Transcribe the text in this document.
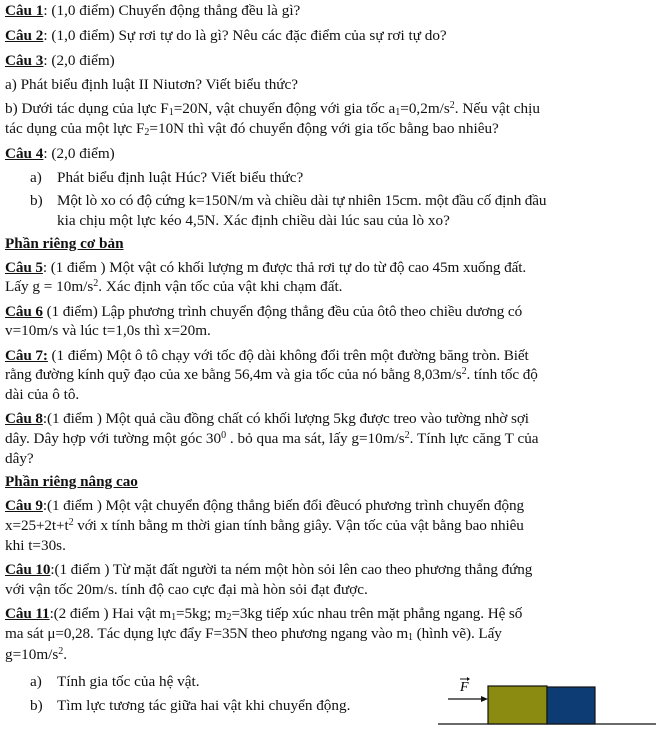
Câu 1: (1,0 điểm) Chuyển động thẳng đều là gì?
Câu 2: (1,0 điểm) Sự rơi tự do là gì? Nêu các đặc điểm của sự rơi tự do?
Câu 3: (2,0 điểm)
a) Phát biểu định luật II Niutơn? Viết biểu thức?
b) Dưới tác dụng của lực $F_1=20N$, vật chuyển động với gia tốc $a_1=0,2m/s^2$. Nếu vật chịu
tác dụng của một lực $F_2=10N$ thì vật đó chuyển động với gia tốc bằng bao nhiêu?
Câu 4: (2,0 điểm)
a) Phát biểu định luật Húc? Viết biểu thức?
b) Một lò xo có độ cứng k=150N/m và chiều dài tự nhiên 15cm. một đầu cố định đầu
kia chịu một lực kéo 4,5N. Xác định chiều dài lúc sau của lò xo?
Phần riêng cơ bản
Câu 5: (1 điểm ) Một vật có khối lượng m được thả rơi tự do từ độ cao 45m xuống đất.
Lấy $g = 10m/s^2$. Xác định vận tốc của vật khi chạm đất.
Câu 6 (1 điểm) Lập phương trình chuyển động thẳng đều của ôtô theo chiều dương có
v=10m/s và lúc t=1,0s thì x=20m.
Câu 7: (1 điểm) Một ô tô chạy với tốc độ dài không đổi trên một đường băng tròn. Biết
rằng đường kính quỹ đạo của xe bằng 56,4m và gia tốc của nó bằng $8,03m/s^2$. tính tốc độ
dài của ô tô.
Câu 8:(1 điểm ) Một quả cầu đồng chất có khối lượng 5kg được treo vào tường nhờ sợi
dây. Dây hợp với tường một góc $30^0$ . bỏ qua ma sát, lấy $g=10m/s^2$. Tính lực căng T của
dây?
Phần riêng nâng cao
Câu 9:(1 điểm ) Một vật chuyển động thẳng biến đổi đềucó phương trình chuyển động
$x=25+2t+t^2$ với x tính bằng m thời gian tính bằng giây. Vận tốc của vật bằng bao nhiêu
khi t=30s.
Câu 10:(1 điểm ) Từ mặt đất người ta ném một hòn sỏi lên cao theo phương thẳng đứng
với vận tốc 20m/s. tính độ cao cực đại mà hòn sỏi đạt được.
Câu 11:(2 điểm ) Hai vật $m_1=5kg$; $m_2=3kg$ tiếp xúc nhau trên mặt phẳng ngang. Hệ số
ma sát μ=0,28. Tác dụng lực đẩy F=35N theo phương ngang vào $m_1$ (hình vẽ). Lấy
$g=10m/s^2$.
a) Tính gia tốc của hệ vật.
b) Tìm lực tương tác giữa hai vật khi chuyển động.
F
